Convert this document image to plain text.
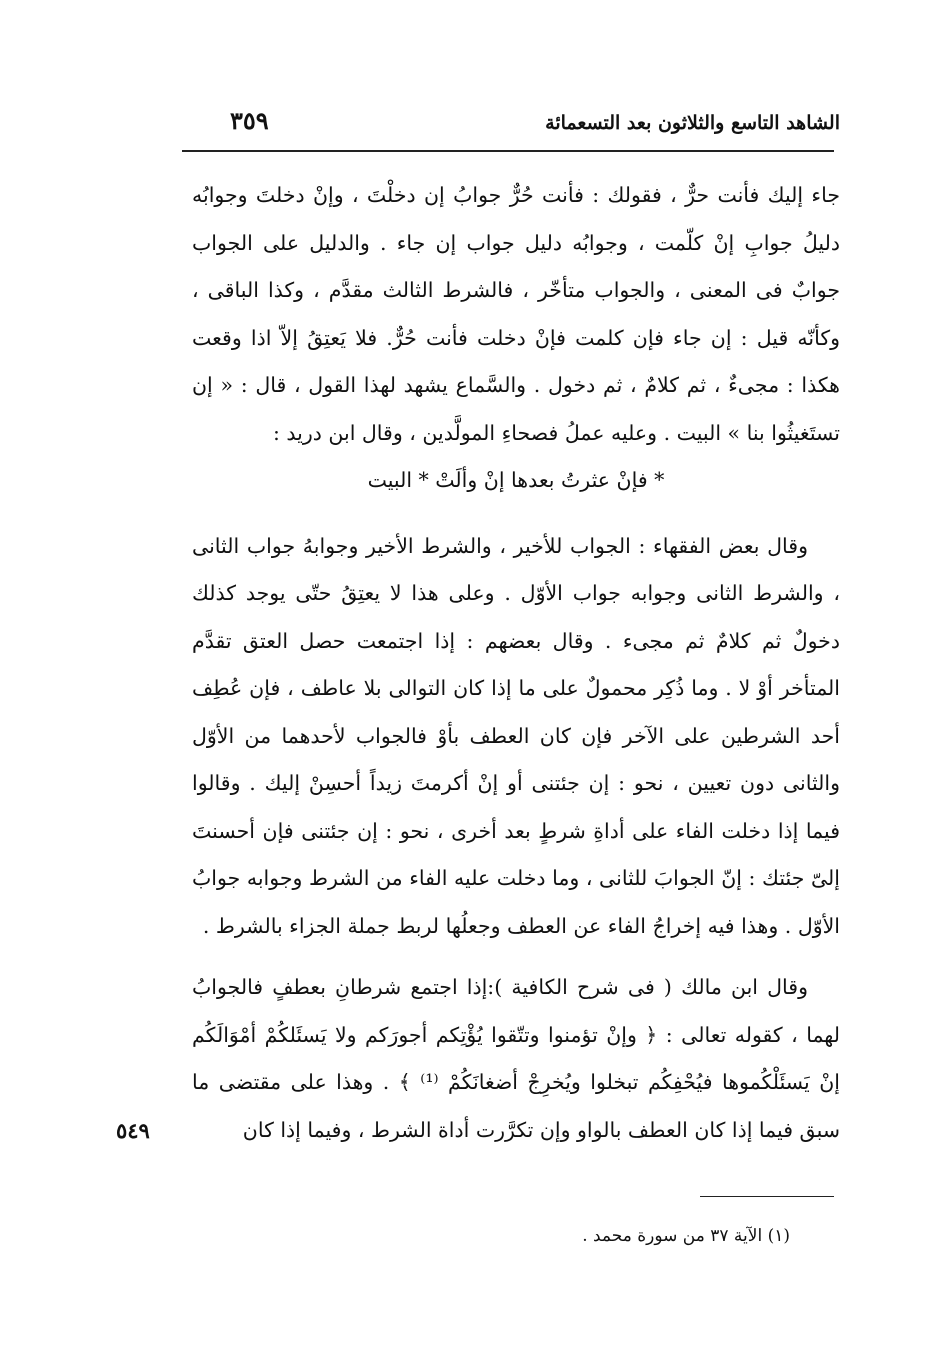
الشاهد التاسع والثلاثون بعد التسعمائة
٣٥٩

جاء إليك فأنت حرٌّ ، فقولك : فأنت حُرٌّ جوابُ إن دخلْتَ ، وإنْ دخلتَ وجوابُه دليلُ جوابِ إنْ كلّمت ، وجوابُه دليل جواب إن جاء . والدليل على الجواب جوابٌ فى المعنى ، والجواب متأخّر ، فالشرط الثالث مقدَّم ، وكذا الباقى ، وكأنّه قيل : إن جاء فإن كلمت فإنْ دخلت فأنت حُرٌّ. فلا يَعتِقُ إلاّ اذا وقعت هكذا : مجىءٌ ، ثم كلامٌ ، ثم دخول . والسَّماع يشهد لهذا القول ، قال : « إن تستَغيثُوا بنا » البيت . وعليه عملُ فصحاءِ المولَّدين ، وقال ابن دريد :

* فإنْ عثرتُ بعدها إنْ وألَتْ * البيت

وقال بعض الفقهاء : الجواب للأخير ، والشرط الأخير وجوابهُ جواب الثانى ، والشرط الثانى وجوابه جواب الأوّل . وعلى هذا لا يعتِقُ حتّى يوجد كذلك دخولٌ ثم كلامٌ ثم مجىء . وقال بعضهم : إذا اجتمعت حصل العتق تقدَّم المتأخر أوْ لا . وما ذُكِر محمولٌ على ما إذا كان التوالى بلا عاطف ، فإن عُطِف أحد الشرطين على الآخر فإن كان العطف بأوْ فالجواب لأحدهما من الأوّل والثانى دون تعيين ، نحو : إن جئتنى أو إنْ أكرمتَ زيداً أحسِنْ إليك . وقالوا فيما إذا دخلت الفاء على أداةِ شرطٍ بعد أخرى ، نحو : إن جئتنى فإن أحسنتَ إلىّ جئتك : إنّ الجوابَ للثانى ، وما دخلت عليه الفاء من الشرط وجوابه جوابُ الأوّل . وهذا فيه إخراجُ الفاء عن العطف وجعلُها لربط جملة الجزاء بالشرط .

وقال ابن مالك ( فى شرح الكافية ):إذا اجتمع شرطانِ بعطفٍ فالجوابُ لهما ، كقوله تعالى : ﴿ وإنْ تؤمنوا وتتّقوا يُؤْتِكم أجورَكم ولا يَسئَلكُمْ أمْوَالَكُم إنْ يَسئَلْكُموها فيُحْفِكُم تبخلوا ويُخرِجْ أضغانَكُمْ ⁽¹⁾ ﴾ . وهذا على مقتضى ما سبق فيما إذا كان العطف بالواو وإن تكرَّرت أداة الشرط ، وفيما إذا كان

٥٤٩
(١) الآية ٣٧ من سورة محمد .
